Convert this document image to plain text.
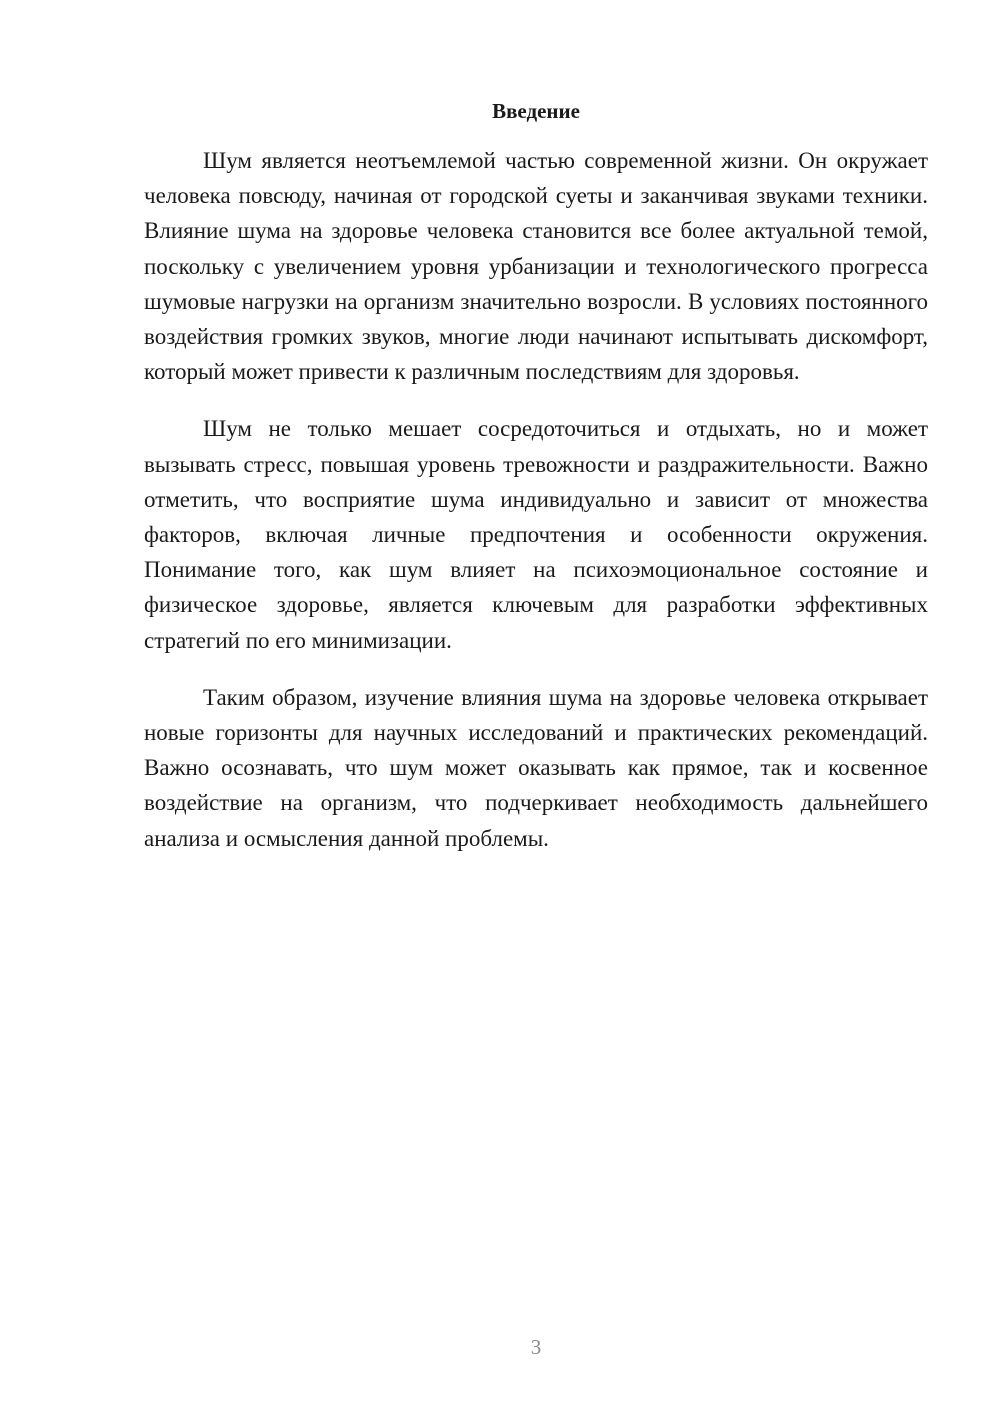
Введение

Шум является неотъемлемой частью современной жизни. Он окружает человека повсюду, начиная от городской суеты и заканчивая звуками техники. Влияние шума на здоровье человека становится все более актуальной темой, поскольку с увеличением уровня урбанизации и технологического прогресса шумовые нагрузки на организм значительно возросли. В условиях постоянного воздействия громких звуков, многие люди начинают испытывать дискомфорт, который может привести к различным последствиям для здоровья.

Шум не только мешает сосредоточиться и отдыхать, но и может вызывать стресс, повышая уровень тревожности и раздражительности. Важно отметить, что восприятие шума индивидуально и зависит от множества факторов, включая личные предпочтения и особенности окружения. Понимание того, как шум влияет на психоэмоциональное состояние и физическое здоровье, является ключевым для разработки эффективных стратегий по его минимизации.

Таким образом, изучение влияния шума на здоровье человека открывает новые горизонты для научных исследований и практических рекомендаций. Важно осознавать, что шум может оказывать как прямое, так и косвенное воздействие на организм, что подчеркивает необходимость дальнейшего анализа и осмысления данной проблемы.

3
